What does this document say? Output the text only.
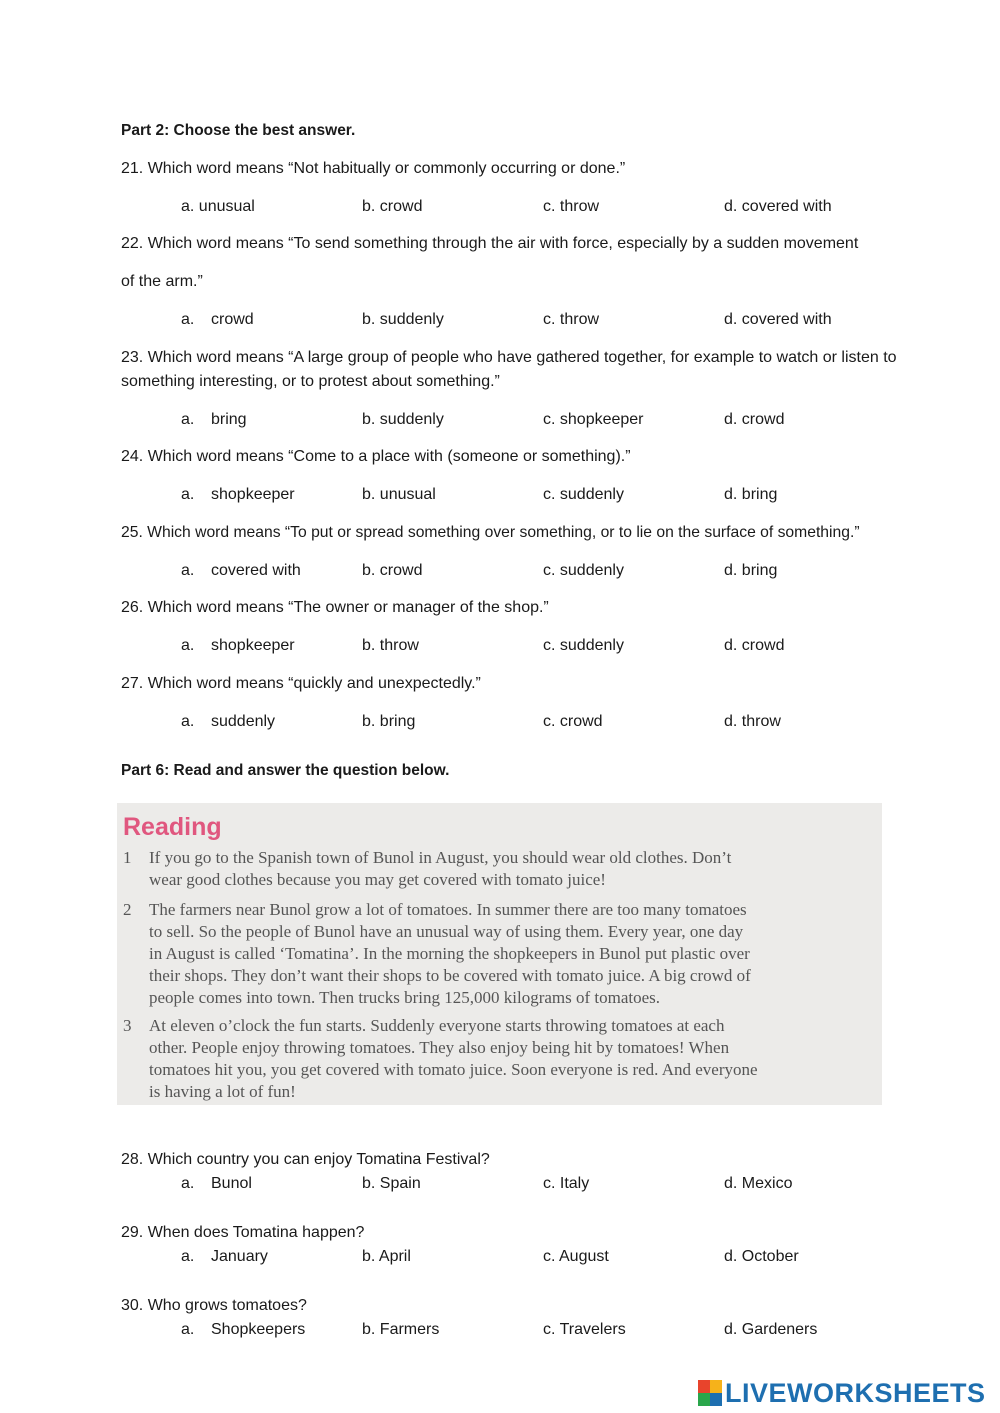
Part 2: Choose the best answer.
21. Which word means “Not habitually or commonly occurring or done.”
a. unusual	b. crowd	c. throw	d. covered with
22. Which word means “To send something through the air with force, especially by a sudden movement
of the arm.”
a. crowd	b. suddenly	c. throw	d. covered with
23. Which word means “A large group of people who have gathered together, for example to watch or listen to
something interesting, or to protest about something.”
a. bring	b. suddenly	c. shopkeeper	d. crowd
24. Which word means “Come to a place with (someone or something).”
a. shopkeeper	b. unusual	c. suddenly	d. bring
25. Which word means “To put or spread something over something, or to lie on the surface of something.”
a. covered with	b. crowd	c. suddenly	d. bring
26. Which word means “The owner or manager of the shop.”
a. shopkeeper	b. throw	c. suddenly	d. crowd
27. Which word means “quickly and unexpectedly.”
a. suddenly	b. bring	c. crowd	d. throw
Part 6: Read and answer the question below.
Reading
1 If you go to the Spanish town of Bunol in August, you should wear old clothes. Don’t
wear good clothes because you may get covered with tomato juice!
2 The farmers near Bunol grow a lot of tomatoes. In summer there are too many tomatoes
to sell. So the people of Bunol have an unusual way of using them. Every year, one day
in August is called ‘Tomatina’. In the morning the shopkeepers in Bunol put plastic over
their shops. They don’t want their shops to be covered with tomato juice. A big crowd of
people comes into town. Then trucks bring 125,000 kilograms of tomatoes.
3 At eleven o’clock the fun starts. Suddenly everyone starts throwing tomatoes at each
other. People enjoy throwing tomatoes. They also enjoy being hit by tomatoes! When
tomatoes hit you, you get covered with tomato juice. Soon everyone is red. And everyone
is having a lot of fun!
28. Which country you can enjoy Tomatina Festival?
a. Bunol	b. Spain	c. Italy	d. Mexico
29. When does Tomatina happen?
a. January	b. April	c. August	d. October
30. Who grows tomatoes?
a. Shopkeepers	b. Farmers	c. Travelers	d. Gardeners
LIVEWORKSHEETS
